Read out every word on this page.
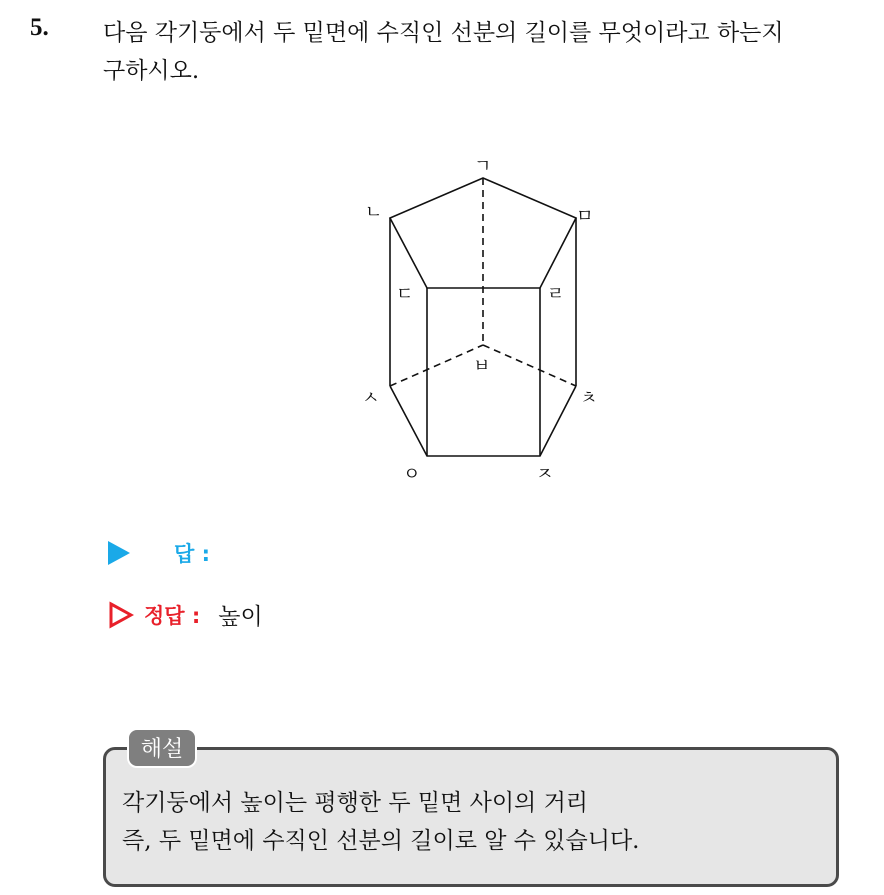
5. 다음 각기둥에서 두 밑면에 수직인 선분의 길이를 무엇이라고 하는지
구하시오.
ㄱ
ㄴ	ㅁ
ㄷ	ㄹ
ㅂ
ㅅ	ㅊ
ㅇ	ㅈ
답 :
정답 : 높이
해설
각기둥에서 높이는 평행한 두 밑면 사이의 거리
즉, 두 밑면에 수직인 선분의 길이로 알 수 있습니다.
